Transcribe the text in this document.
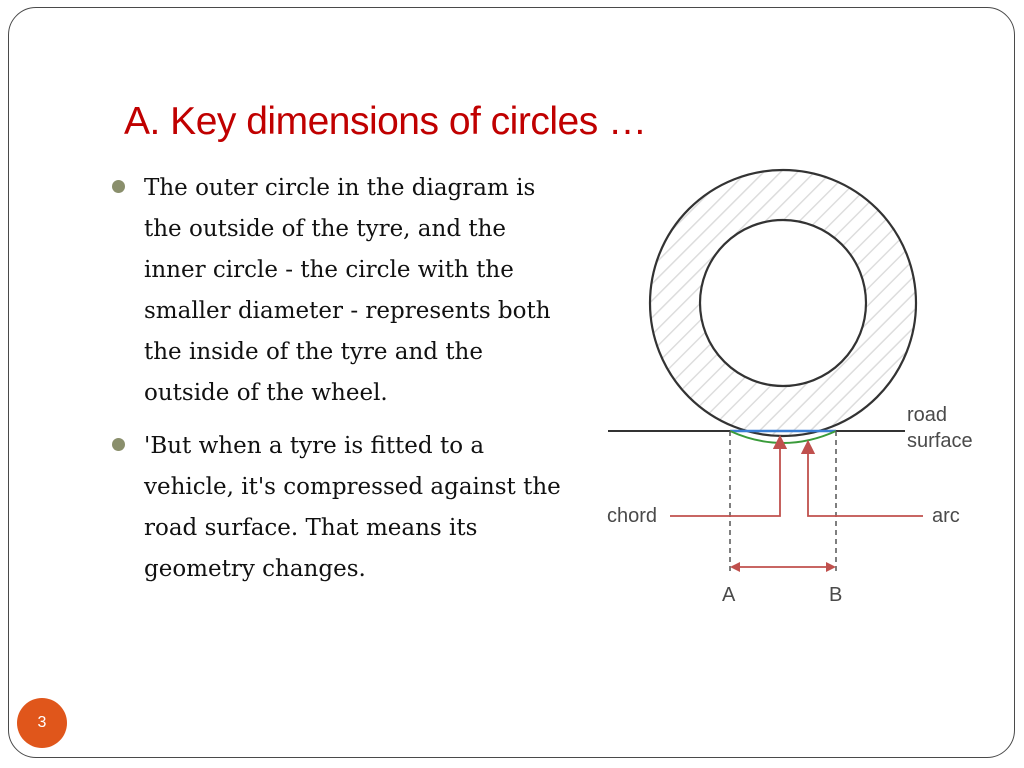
A. Key dimensions of circles …
The outer circle in the diagram is the outside of the tyre, and the inner circle - the circle with the smaller diameter - represents both the inside of the tyre and the outside of the wheel.
'But when a tyre is fitted to a vehicle, it's compressed against the road surface. That means its geometry changes.
road
surface
chord	arc
A	B
3
